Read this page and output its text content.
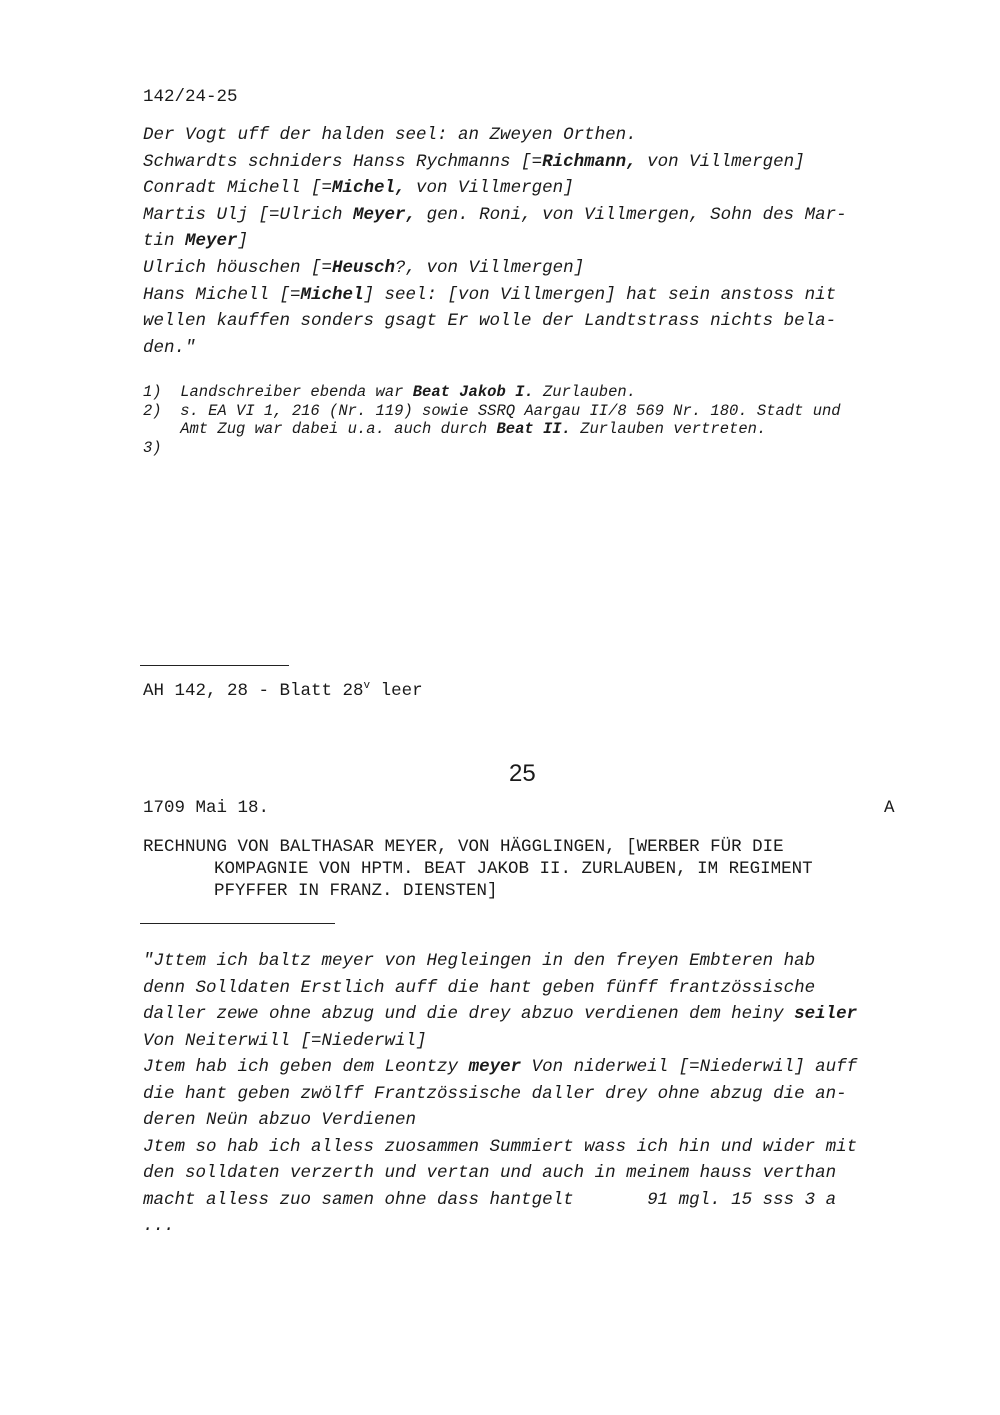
142/24-25
Der Vogt uff der halden seel: an Zweyen Orthen.
Schwardts schniders Hanss Rychmanns [=Richmann, von Villmergen]
Conradt Michell [=Michel, von Villmergen]
Martis Ulj [=Ulrich Meyer, gen. Roni, von Villmergen, Sohn des Mar-
tin Meyer]
Ulrich höuschen [=Heusch?, von Villmergen]
Hans Michell [=Michel] seel: [von Villmergen] hat sein anstoss nit
wellen kauffen sonders gsagt Er wolle der Landtstrass nichts bela-
den."
1)  Landschreiber ebenda war Beat Jakob I. Zurlauben.
2)  s. EA VI 1, 216 (Nr. 119) sowie SSRQ Aargau II/8 569 Nr. 180. Stadt und
Amt Zug war dabei u.a. auch durch Beat II. Zurlauben vertreten.
3)
AH 142, 28 - Blatt 28$^v$ leer
25
1709 Mai 18.	A
RECHNUNG VON BALTHASAR MEYER, VON HÄGGLINGEN, [WERBER FÜR DIE
KOMPAGNIE VON HPTM. BEAT JAKOB II. ZURLAUBEN, IM REGIMENT
PFYFFER IN FRANZ. DIENSTEN]
"Jttem ich baltz meyer von Hegleingen in den freyen Embteren hab
denn Solldaten Erstlich auff die hant geben fünff frantzössische
daller zewe ohne abzug und die drey abzuo verdienen dem heiny seiler
Von Neiterwill [=Niederwil]
Jtem hab ich geben dem Leontzy meyer Von niderweil [=Niederwil] auff
die hant geben zwölff Frantzössische daller drey ohne abzug die an-
deren Neün abzuo Verdienen
Jtem so hab ich alless zuosammen Summiert wass ich hin und wider mit
den solldaten verzerth und vertan und auch in meinem hauss verthan
macht alless zuo samen ohne dass hantgelt       91 mgl. 15 sss 3 a
...
